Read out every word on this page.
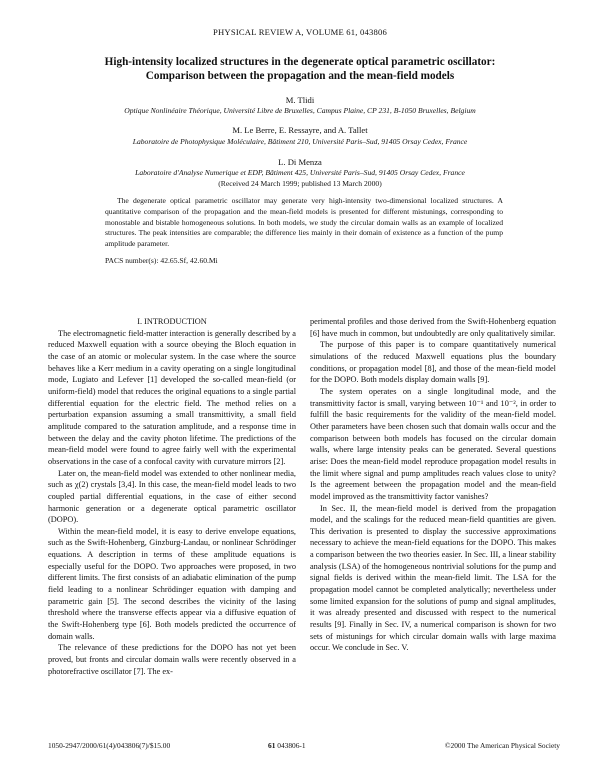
PHYSICAL REVIEW A, VOLUME 61, 043806
High-intensity localized structures in the degenerate optical parametric oscillator:
Comparison between the propagation and the mean-field models
M. Tlidi
Optique Nonlinéaire Théorique, Université Libre de Bruxelles, Campus Plaine, CP 231, B-1050 Bruxelles, Belgium
M. Le Berre, E. Ressayre, and A. Tallet
Laboratoire de Photophysique Moléculaire, Bâtiment 210, Université Paris–Sud, 91405 Orsay Cedex, France
L. Di Menza
Laboratoire d'Analyse Numerique et EDP, Bâtiment 425, Université Paris–Sud, 91405 Orsay Cedex, France
(Received 24 March 1999; published 13 March 2000)
The degenerate optical parametric oscillator may generate very high-intensity two-dimensional localized structures. A quantitative comparison of the propagation and the mean-field models is presented for different mistunings, corresponding to monostable and bistable homogeneous solutions. In both models, we study the circular domain walls as an example of localized structures. The peak intensities are comparable; the difference lies mainly in their domain of existence as a function of the pump amplitude parameter.
PACS number(s): 42.65.Sf, 42.60.Mi

I. INTRODUCTION

The electromagnetic field-matter interaction is generally described by a reduced Maxwell equation with a source obeying the Bloch equation in the case of an atomic or molecular system. In the case where the source behaves like a Kerr medium in a cavity operating on a single longitudinal mode, Lugiato and Lefever [1] developed the so-called mean-field (or uniform-field) model that reduces the original equations to a single partial differential equation for the electric field. The method relies on a perturbation expansion assuming a small transmittivity, a small field amplitude compared to the saturation amplitude, and a response time in between the delay and the cavity photon lifetime. The predictions of the mean-field model were found to agree fairly well with the experimental observations in the case of a confocal cavity with curvature mirrors [2].

Later on, the mean-field model was extended to other nonlinear media, such as χ(2) crystals [3,4]. In this case, the mean-field model leads to two coupled partial differential equations, in the case of either second harmonic generation or a degenerate optical parametric oscillator (DOPO).

Within the mean-field model, it is easy to derive envelope equations, such as the Swift-Hohenberg, Ginzburg-Landau, or nonlinear Schrödinger equations. A description in terms of these amplitude equations is especially useful for the DOPO. Two approaches were proposed, in two different limits. The first consists of an adiabatic elimination of the pump field leading to a nonlinear Schrödinger equation with damping and parametric gain [5]. The second describes the vicinity of the lasing threshold where the transverse effects appear via a diffusive equation of the Swift-Hohenberg type [6]. Both models predicted the occurrence of domain walls.

The relevance of these predictions for the DOPO has not yet been proved, but fronts and circular domain walls were recently observed in a photorefractive oscillator [7]. The ex-

perimental profiles and those derived from the Swift-Hohenberg equation [6] have much in common, but undoubtedly are only qualitatively similar.

The purpose of this paper is to compare quantitatively numerical simulations of the reduced Maxwell equations plus the boundary conditions, or propagation model [8], and those of the mean-field model for the DOPO. Both models display domain walls [9].

The system operates on a single longitudinal mode, and the transmittivity factor is small, varying between 10⁻¹ and 10⁻², in order to fulfill the basic requirements for the validity of the mean-field model. Other parameters have been chosen such that domain walls occur and the comparison between both models has focused on the circular domain walls, where large intensity peaks can be generated. Several questions arise: Does the mean-field model reproduce propagation model results in the limit where signal and pump amplitudes reach values close to unity? Is the agreement between the propagation model and the mean-field model improved as the transmittivity factor vanishes?

In Sec. II, the mean-field model is derived from the propagation model, and the scalings for the reduced mean-field quantities are given. This derivation is presented to display the successive approximations necessary to achieve the mean-field equations for the DOPO. This makes a comparison between the two theories easier. In Sec. III, a linear stability analysis (LSA) of the homogeneous nontrivial solutions for the pump and signal fields is derived within the mean-field limit. The LSA for the propagation model cannot be completed analytically; nevertheless under some limited expansion for the solutions of pump and signal amplitudes, it was already presented and discussed with respect to the numerical results [9]. Finally in Sec. IV, a numerical comparison is shown for two sets of mistunings for which circular domain walls with large maxima occur. We conclude in Sec. V.

1050-2947/2000/61(4)/043806(7)/$15.00	61 043806-1	©2000 The American Physical Society
